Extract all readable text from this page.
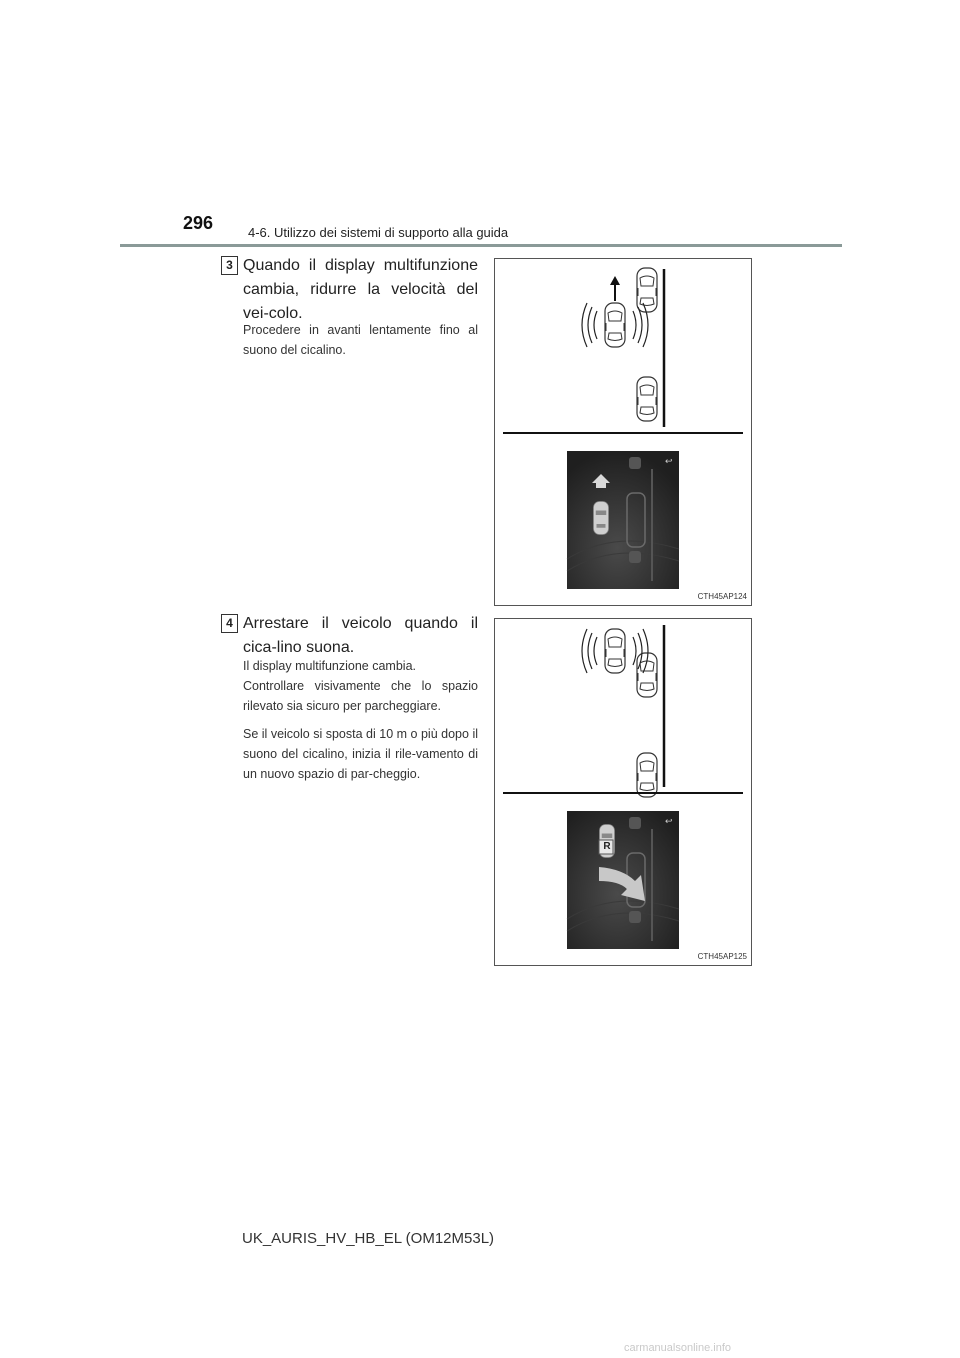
296	4-6. Utilizzo dei sistemi di supporto alla guida
3 Quando il display multifunzione cambia, ridurre la velocità del vei-colo.

Procedere in avanti lentamente fino al suono del cicalino.

↩
CTH45AP124
4 Arrestare il veicolo quando il cica-lino suona.

Il display multifunzione cambia.

Controllare visivamente che lo spazio rilevato sia sicuro per parcheggiare.

Se il veicolo si sposta di 10 m o più dopo il suono del cicalino, inizia il rile-vamento di un nuovo spazio di par-cheggio.

↩
R
CTH45AP125
UK_AURIS_HV_HB_EL (OM12M53L)
carmanualsonline.info
